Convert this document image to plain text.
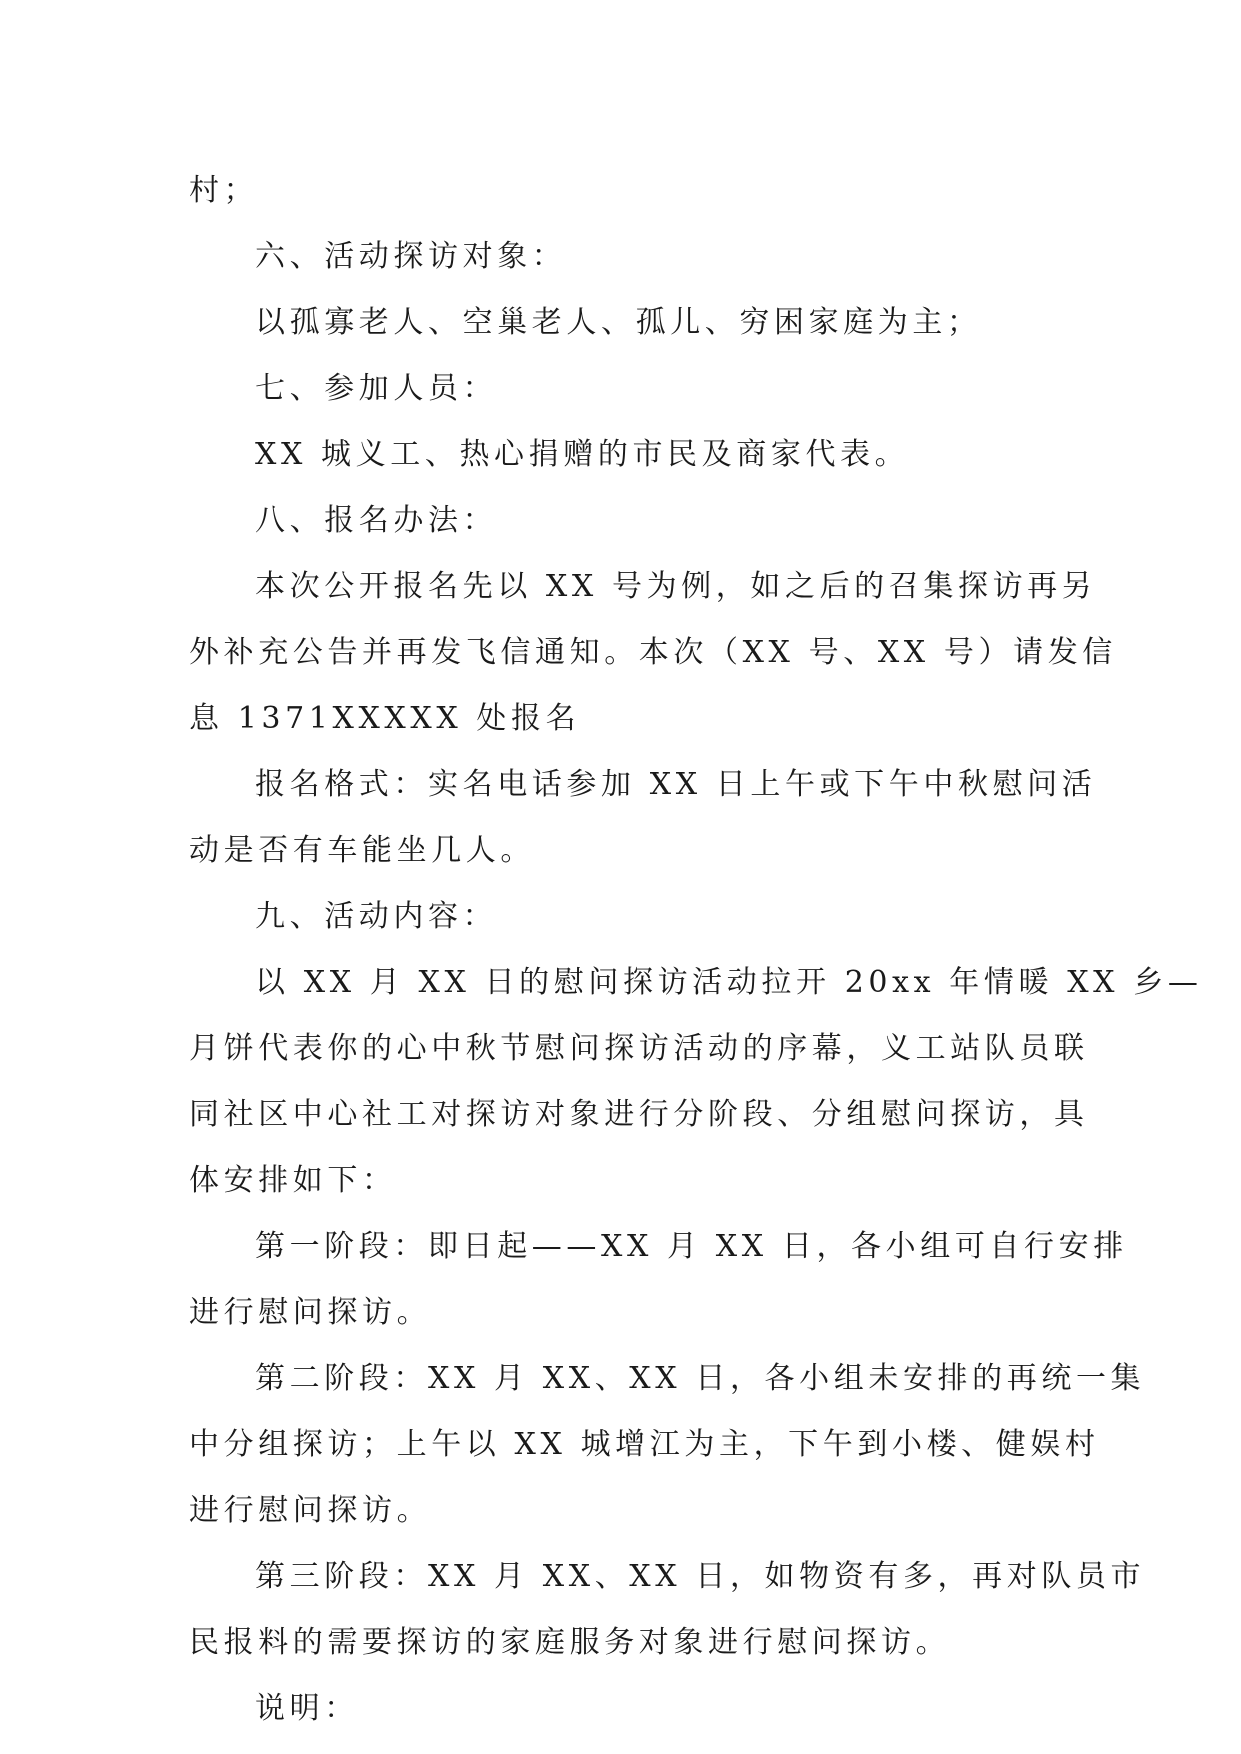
村；

六、活动探访对象：

以孤寡老人、空巢老人、孤儿、穷困家庭为主；

七、参加人员：

XX 城义工、热心捐赠的市民及商家代表。

八、报名办法：

本次公开报名先以 XX 号为例，如之后的召集探访再另

外补充公告并再发飞信通知。本次（XX 号、XX 号）请发信

息 1371XXXXX 处报名

报名格式：实名电话参加 XX 日上午或下午中秋慰问活

动是否有车能坐几人。

九、活动内容：

以 XX 月 XX 日的慰问探访活动拉开 20xx 年情暖 XX 乡—

月饼代表你的心中秋节慰问探访活动的序幕，义工站队员联

同社区中心社工对探访对象进行分阶段、分组慰问探访，具

体安排如下：

第一阶段：即日起——XX 月 XX 日，各小组可自行安排

进行慰问探访。

第二阶段：XX 月 XX、XX 日，各小组未安排的再统一集

中分组探访；上午以 XX 城增江为主，下午到小楼、健娱村

进行慰问探访。

第三阶段：XX 月 XX、XX 日，如物资有多，再对队员市

民报料的需要探访的家庭服务对象进行慰问探访。

说明：
